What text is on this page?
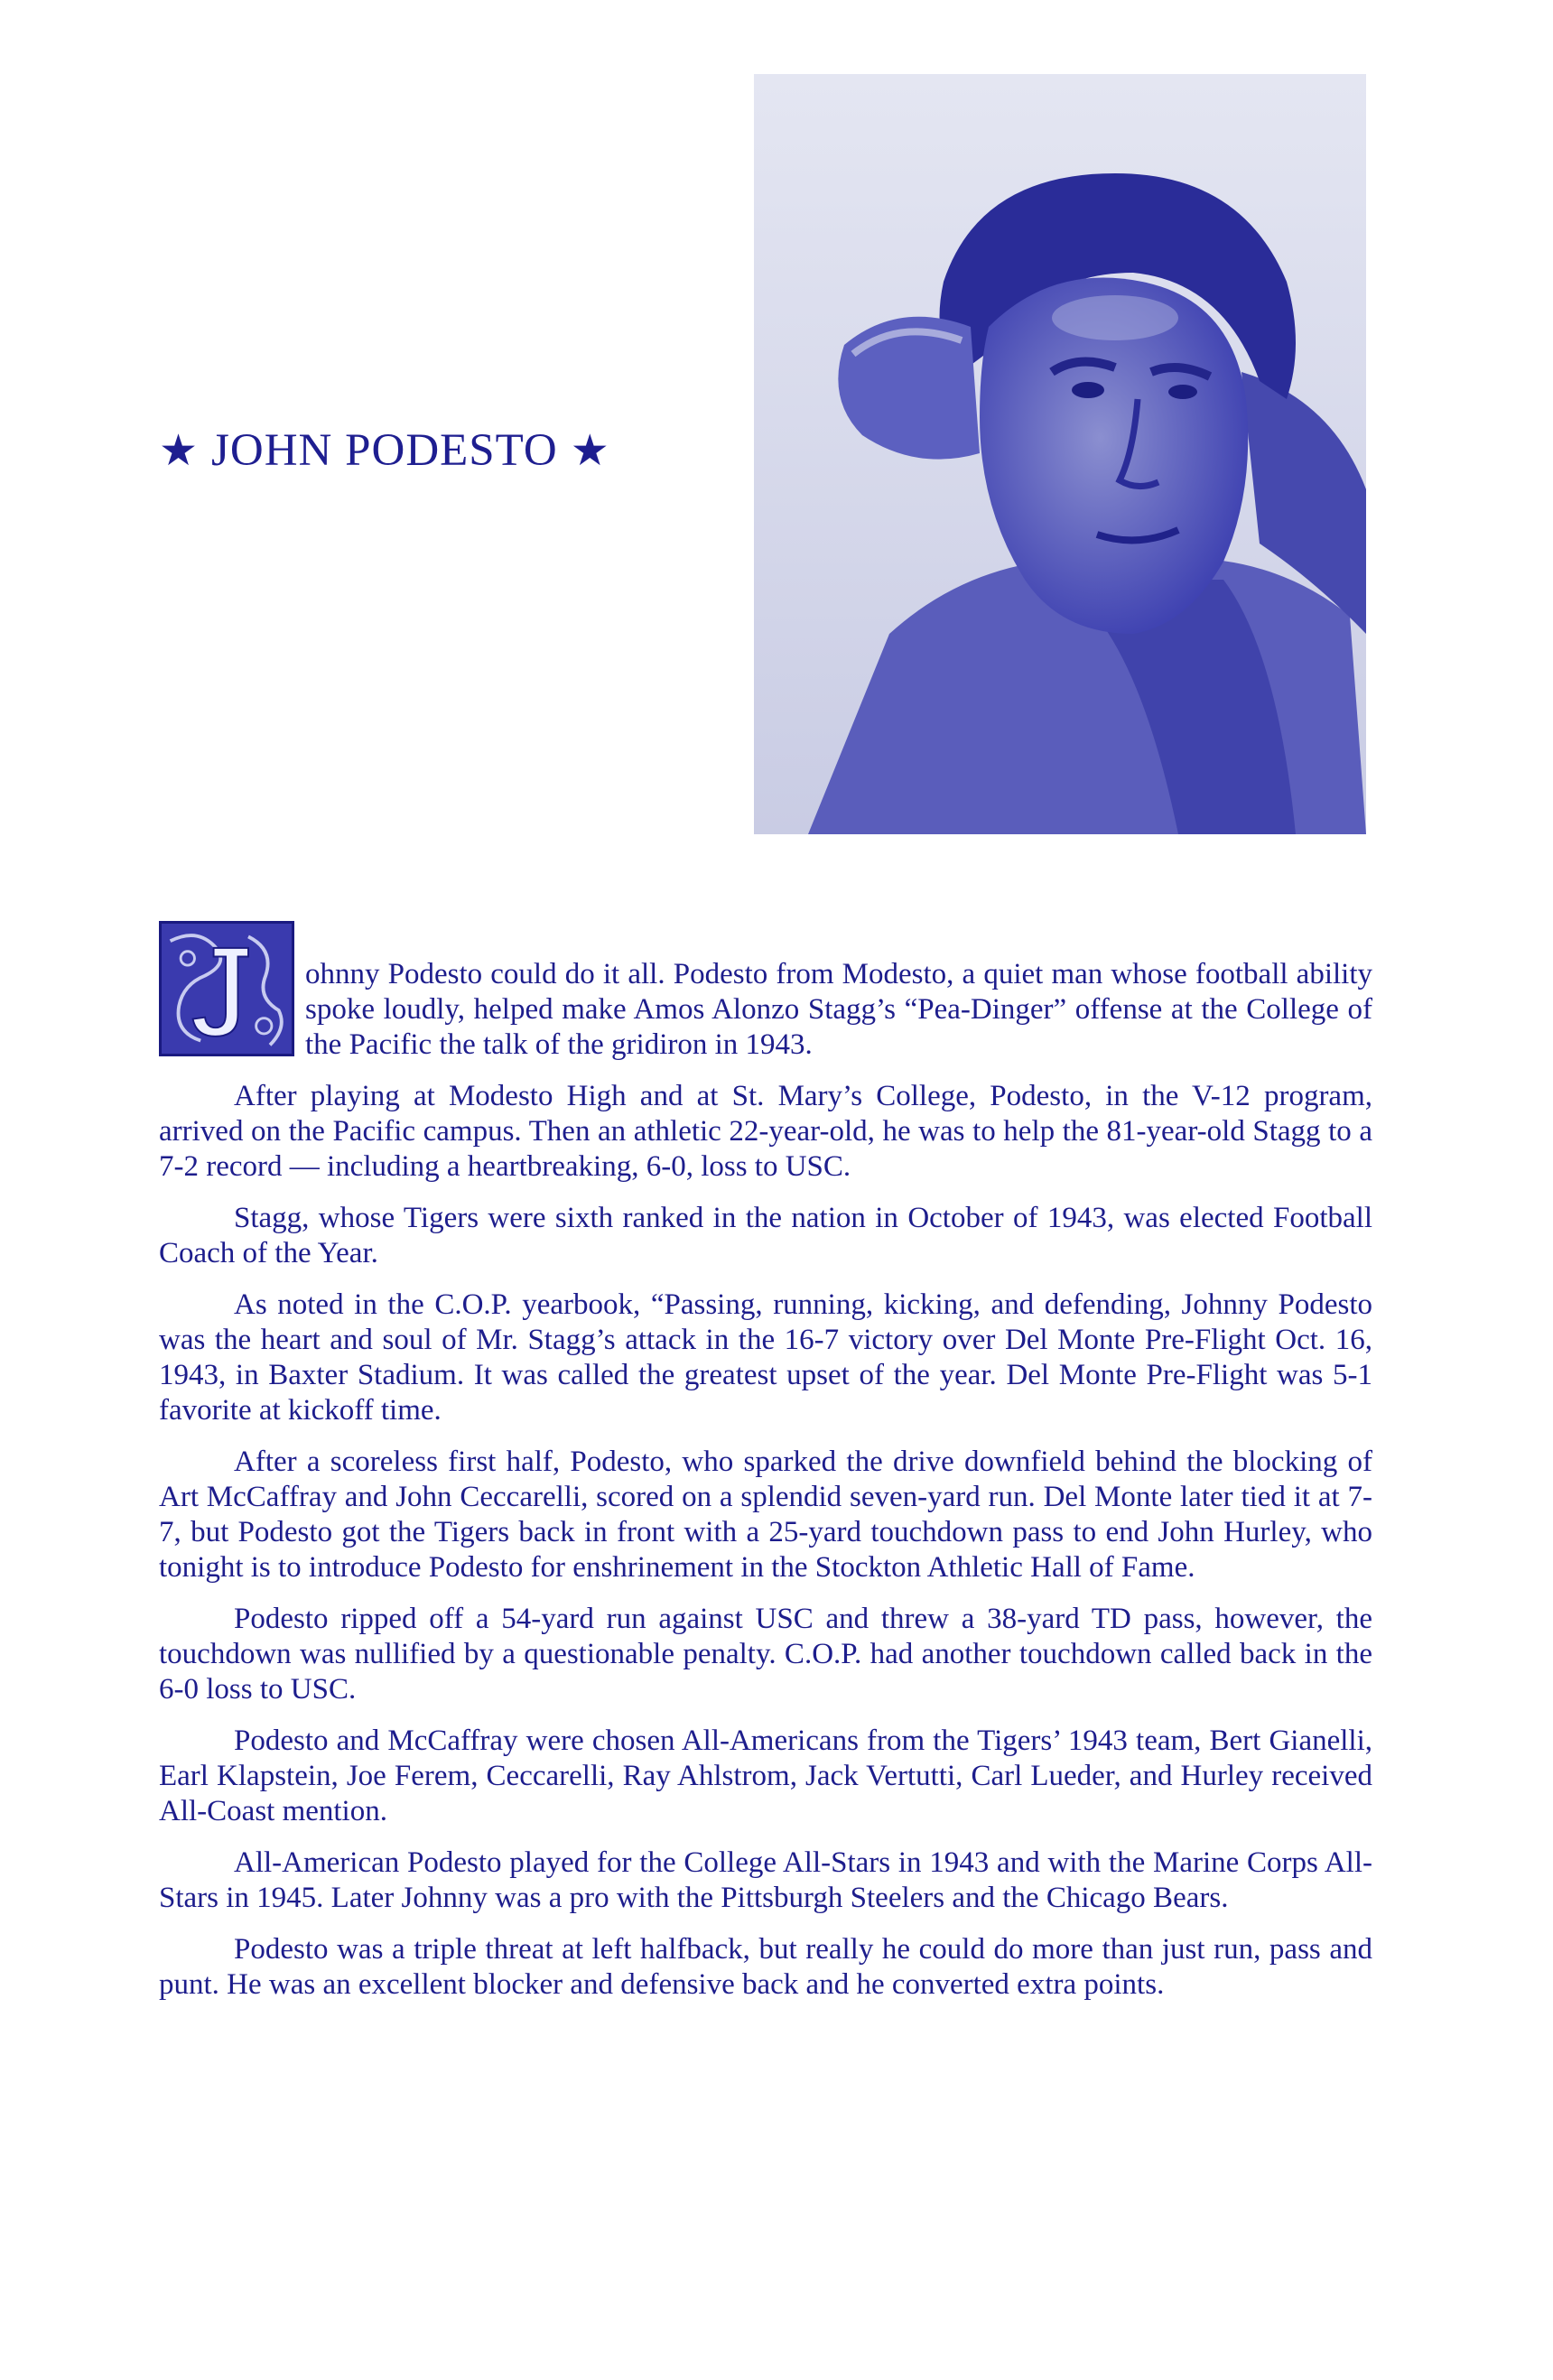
★ JOHN PODESTO ★

ohnny Podesto could do it all. Podesto from Modesto, a quiet man whose football ability spoke loudly, helped make Amos Alonzo Stagg’s “Pea-Dinger” offense at the College of the Pacific the talk of the gridiron in 1943.

After playing at Modesto High and at St. Mary’s College, Podesto, in the V-12 program, arrived on the Pacific campus. Then an athletic 22-year-old, he was to help the 81-year-old Stagg to a 7-2 record — including a heartbreaking, 6-0, loss to USC.

Stagg, whose Tigers were sixth ranked in the nation in October of 1943, was elected Football Coach of the Year.

As noted in the C.O.P. yearbook, “Passing, running, kicking, and defending, Johnny Podesto was the heart and soul of Mr. Stagg’s attack in the 16-7 victory over Del Monte Pre-Flight Oct. 16, 1943, in Baxter Stadium. It was called the greatest upset of the year. Del Monte Pre-Flight was 5-1 favorite at kickoff time.

After a scoreless first half, Podesto, who sparked the drive downfield behind the blocking of Art McCaffray and John Ceccarelli, scored on a splendid seven-yard run. Del Monte later tied it at 7-7, but Podesto got the Tigers back in front with a 25-yard touchdown pass to end John Hurley, who tonight is to introduce Podesto for enshrinement in the Stockton Athletic Hall of Fame.

Podesto ripped off a 54-yard run against USC and threw a 38-yard TD pass, however, the touchdown was nullified by a questionable penalty. C.O.P. had another touchdown called back in the 6-0 loss to USC.

Podesto and McCaffray were chosen All-Americans from the Tigers’ 1943 team, Bert Gianelli, Earl Klapstein, Joe Ferem, Ceccarelli, Ray Ahlstrom, Jack Vertutti, Carl Lueder, and Hurley received All-Coast mention.

All-American Podesto played for the College All-Stars in 1943 and with the Marine Corps All-Stars in 1945. Later Johnny was a pro with the Pittsburgh Steelers and the Chicago Bears.

Podesto was a triple threat at left halfback, but really he could do more than just run, pass and punt. He was an excellent blocker and defensive back and he converted extra points.
